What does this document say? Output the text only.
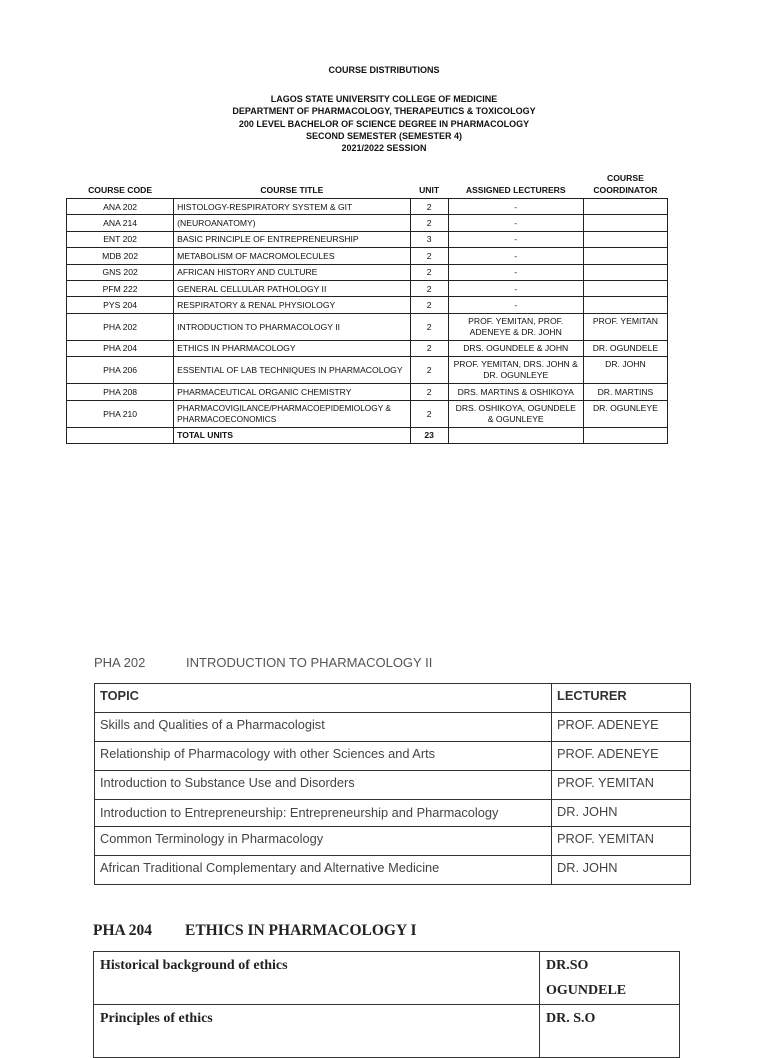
COURSE DISTRIBUTIONS
LAGOS STATE UNIVERSITY COLLEGE OF MEDICINE
DEPARTMENT OF PHARMACOLOGY, THERAPEUTICS & TOXICOLOGY
200 LEVEL BACHELOR OF SCIENCE DEGREE IN PHARMACOLOGY
SECOND SEMESTER (SEMESTER 4)
2021/2022 SESSION
COURSE CODE	COURSE TITLE	UNIT	ASSIGNED LECTURERS	COURSE
COORDINATOR
ANA 202	HISTOLOGY-RESPIRATORY SYSTEM & GIT	2	-	
ANA 214	(NEUROANATOMY)	2	-	
ENT 202	BASIC PRINCIPLE OF ENTREPRENEURSHIP	3	-	
MDB 202	METABOLISM OF MACROMOLECULES	2	-	
GNS 202	AFRICAN HISTORY AND CULTURE	2	-	
PFM 222	GENERAL CELLULAR PATHOLOGY II	2	-	
PYS 204	RESPIRATORY & RENAL PHYSIOLOGY	2	-	
PHA 202	INTRODUCTION TO PHARMACOLOGY II	2	PROF. YEMITAN, PROF. ADENEYE & DR. JOHN	PROF. YEMITAN
PHA 204	ETHICS IN PHARMACOLOGY	2	DRS. OGUNDELE & JOHN	DR. OGUNDELE
PHA 206	ESSENTIAL OF LAB TECHNIQUES IN PHARMACOLOGY	2	PROF. YEMITAN, DRS. JOHN & DR. OGUNLEYE	DR. JOHN
PHA 208	PHARMACEUTICAL ORGANIC CHEMISTRY	2	DRS. MARTINS & OSHIKOYA	DR. MARTINS
PHA 210	PHARMACOVIGILANCE/PHARMACOEPIDEMIOLOGY & PHARMACOECONOMICS	2	DRS. OSHIKOYA, OGUNDELE & OGUNLEYE	DR. OGUNLEYE
	TOTAL UNITS	23		
PHA 202	INTRODUCTION TO PHARMACOLOGY II
TOPIC	LECTURER
Skills and Qualities of a Pharmacologist	PROF. ADENEYE
Relationship of Pharmacology with other Sciences and Arts	PROF. ADENEYE
Introduction to Substance Use and Disorders	PROF. YEMITAN
Introduction to Entrepreneurship: Entrepreneurship and Pharmacology	DR. JOHN
Common Terminology in Pharmacology	PROF. YEMITAN
African Traditional Complementary and Alternative Medicine	DR. JOHN
PHA 204 ETHICS IN PHARMACOLOGY I
Historical background of ethics	DR.SO
OGUNDELE
Principles of ethics	DR. S.O
